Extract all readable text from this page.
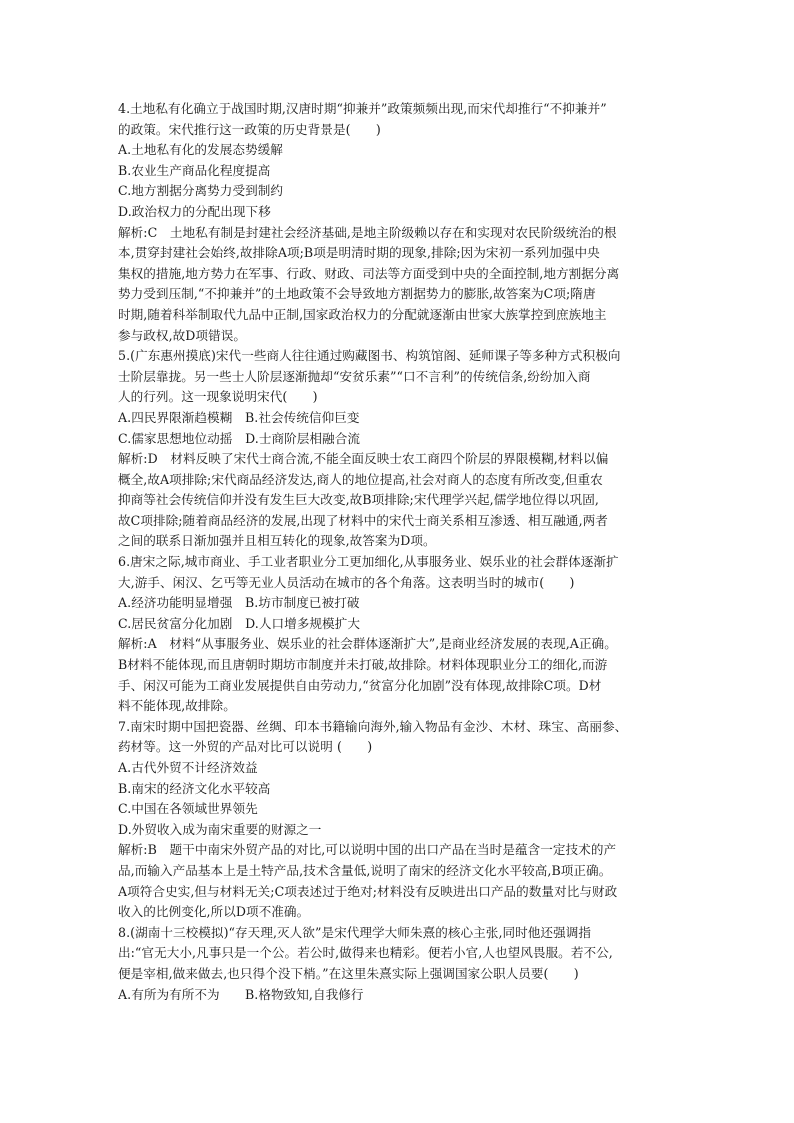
4.土地私有化确立于战国时期,汉唐时期“抑兼并”政策频频出现,而宋代却推行“不抑兼并”
的政策。宋代推行这一政策的历史背景是(　　)
A.土地私有化的发展态势缓解
B.农业生产商品化程度提高
C.地方割据分离势力受到制约
D.政治权力的分配出现下移
解析:C　土地私有制是封建社会经济基础,是地主阶级赖以存在和实现对农民阶级统治的根
本,贯穿封建社会始终,故排除A项;B项是明清时期的现象,排除;因为宋初一系列加强中央
集权的措施,地方势力在军事、行政、财政、司法等方面受到中央的全面控制,地方割据分离
势力受到压制,“不抑兼并”的土地政策不会导致地方割据势力的膨胀,故答案为C项;隋唐
时期,随着科举制取代九品中正制,国家政治权力的分配就逐渐由世家大族掌控到庶族地主
参与政权,故D项错误。
5.(广东惠州摸底)宋代一些商人往往通过购藏图书、构筑馆阁、延师课子等多种方式积极向
士阶层靠拢。另一些士人阶层逐渐抛却“安贫乐素”“口不言利”的传统信条,纷纷加入商
人的行列。这一现象说明宋代(　　)
A.四民界限渐趋模糊　B.社会传统信仰巨变
C.儒家思想地位动摇　D.士商阶层相融合流
解析:D　材料反映了宋代士商合流,不能全面反映士农工商四个阶层的界限模糊,材料以偏
概全,故A项排除;宋代商品经济发达,商人的地位提高,社会对商人的态度有所改变,但重农
抑商等社会传统信仰并没有发生巨大改变,故B项排除;宋代理学兴起,儒学地位得以巩固,
故C项排除;随着商品经济的发展,出现了材料中的宋代士商关系相互渗透、相互融通,两者
之间的联系日渐加强并且相互转化的现象,故答案为D项。
6.唐宋之际,城市商业、手工业者职业分工更加细化,从事服务业、娱乐业的社会群体逐渐扩
大,游手、闲汉、乞丐等无业人员活动在城市的各个角落。这表明当时的城市(　　)
A.经济功能明显增强　B.坊市制度已被打破
C.居民贫富分化加剧　D.人口增多规模扩大
解析:A　材料“从事服务业、娱乐业的社会群体逐渐扩大”,是商业经济发展的表现,A正确。
B材料不能体现,而且唐朝时期坊市制度并未打破,故排除。材料体现职业分工的细化,而游
手、闲汉可能为工商业发展提供自由劳动力,“贫富分化加剧”没有体现,故排除C项。D材
料不能体现,故排除。
7.南宋时期中国把瓷器、丝绸、印本书籍输向海外,输入物品有金沙、木材、珠宝、高丽参、
药材等。这一外贸的产品对比可以说明 (　　)
A.古代外贸不计经济效益
B.南宋的经济文化水平较高
C.中国在各领域世界领先
D.外贸收入成为南宋重要的财源之一
解析:B　题干中南宋外贸产品的对比,可以说明中国的出口产品在当时是蕴含一定技术的产
品,而输入产品基本上是土特产品,技术含量低,说明了南宋的经济文化水平较高,B项正确。
A项符合史实,但与材料无关;C项表述过于绝对;材料没有反映进出口产品的数量对比与财政
收入的比例变化,所以D项不准确。
8.(湖南十三校模拟)“存天理,灭人欲”是宋代理学大师朱熹的核心主张,同时他还强调指
出:“官无大小,凡事只是一个公。若公时,做得来也精彩。便若小官,人也望风畏服。若不公,
便是宰相,做来做去,也只得个没下梢。”在这里朱熹实际上强调国家公职人员要(　　)
A.有所为有所不为　　B.格物致知,自我修行
